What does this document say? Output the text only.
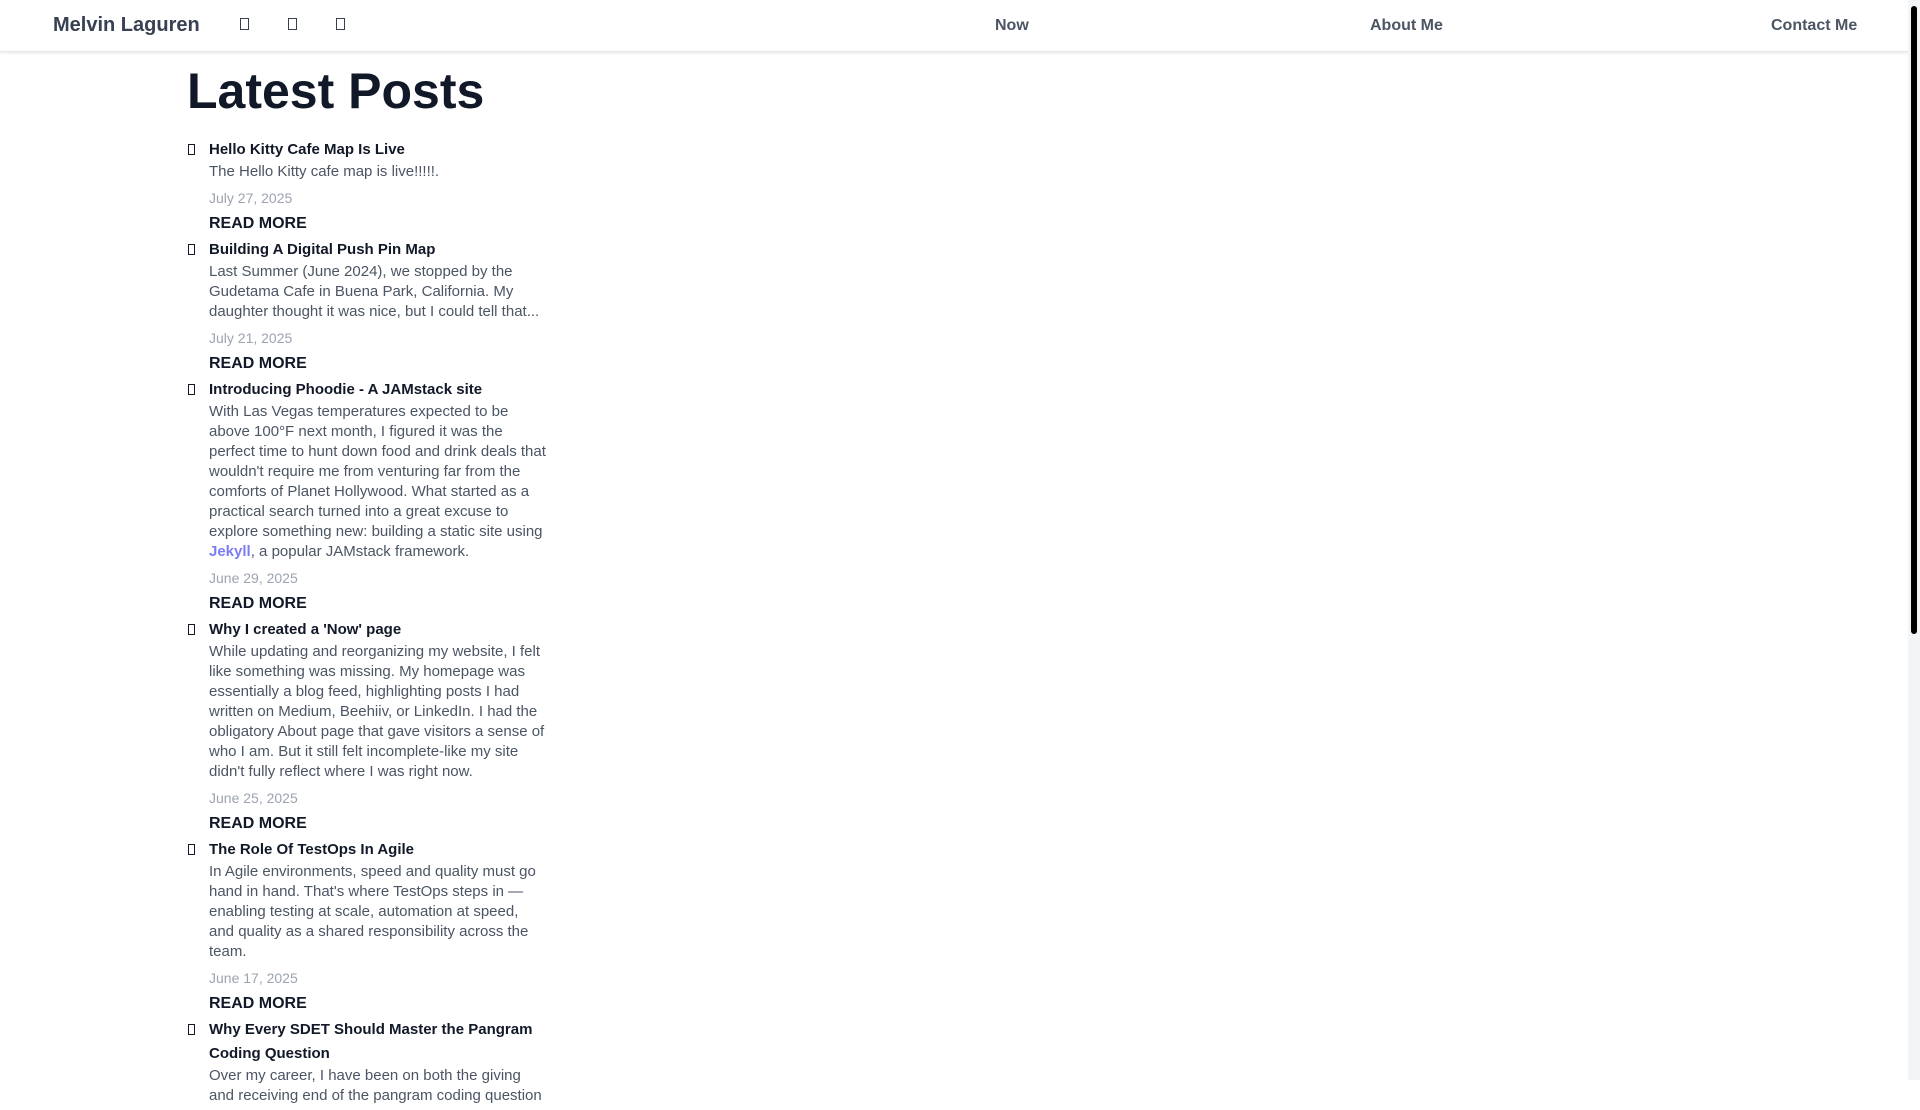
Melvin Laguren	Now	About Me	Contact Me
Latest Posts
Hello Kitty Cafe Map Is Live

The Hello Kitty cafe map is live!!!!!.

July 27, 2025
READ MORE
Building A Digital Push Pin Map

Last Summer (June 2024), we stopped by the Gudetama Cafe in Buena Park, California. My daughter thought it was nice, but I could tell that...

July 21, 2025
READ MORE
Introducing Phoodie - A JAMstack site

With Las Vegas temperatures expected to be above 100°F next month, I figured it was the perfect time to hunt down food and drink deals that wouldn't require me from venturing far from the comforts of Planet Hollywood. What started as a practical search turned into a great excuse to explore something new: building a static site using Jekyll, a popular JAMstack framework.

June 29, 2025
READ MORE
Why I created a 'Now' page

While updating and reorganizing my website, I felt like something was missing. My homepage was essentially a blog feed, highlighting posts I had written on Medium, Beehiiv, or LinkedIn. I had the obligatory About page that gave visitors a sense of who I am. But it still felt incomplete-like my site didn't fully reflect where I was right now.

June 25, 2025
READ MORE
The Role Of TestOps In Agile

In Agile environments, speed and quality must go hand in hand. That's where TestOps steps in — enabling testing at scale, automation at speed, and quality as a shared responsibility across the team.

June 17, 2025
READ MORE
Why Every SDET Should Master the Pangram Coding Question

Over my career, I have been on both the giving and receiving end of the pangram coding question
